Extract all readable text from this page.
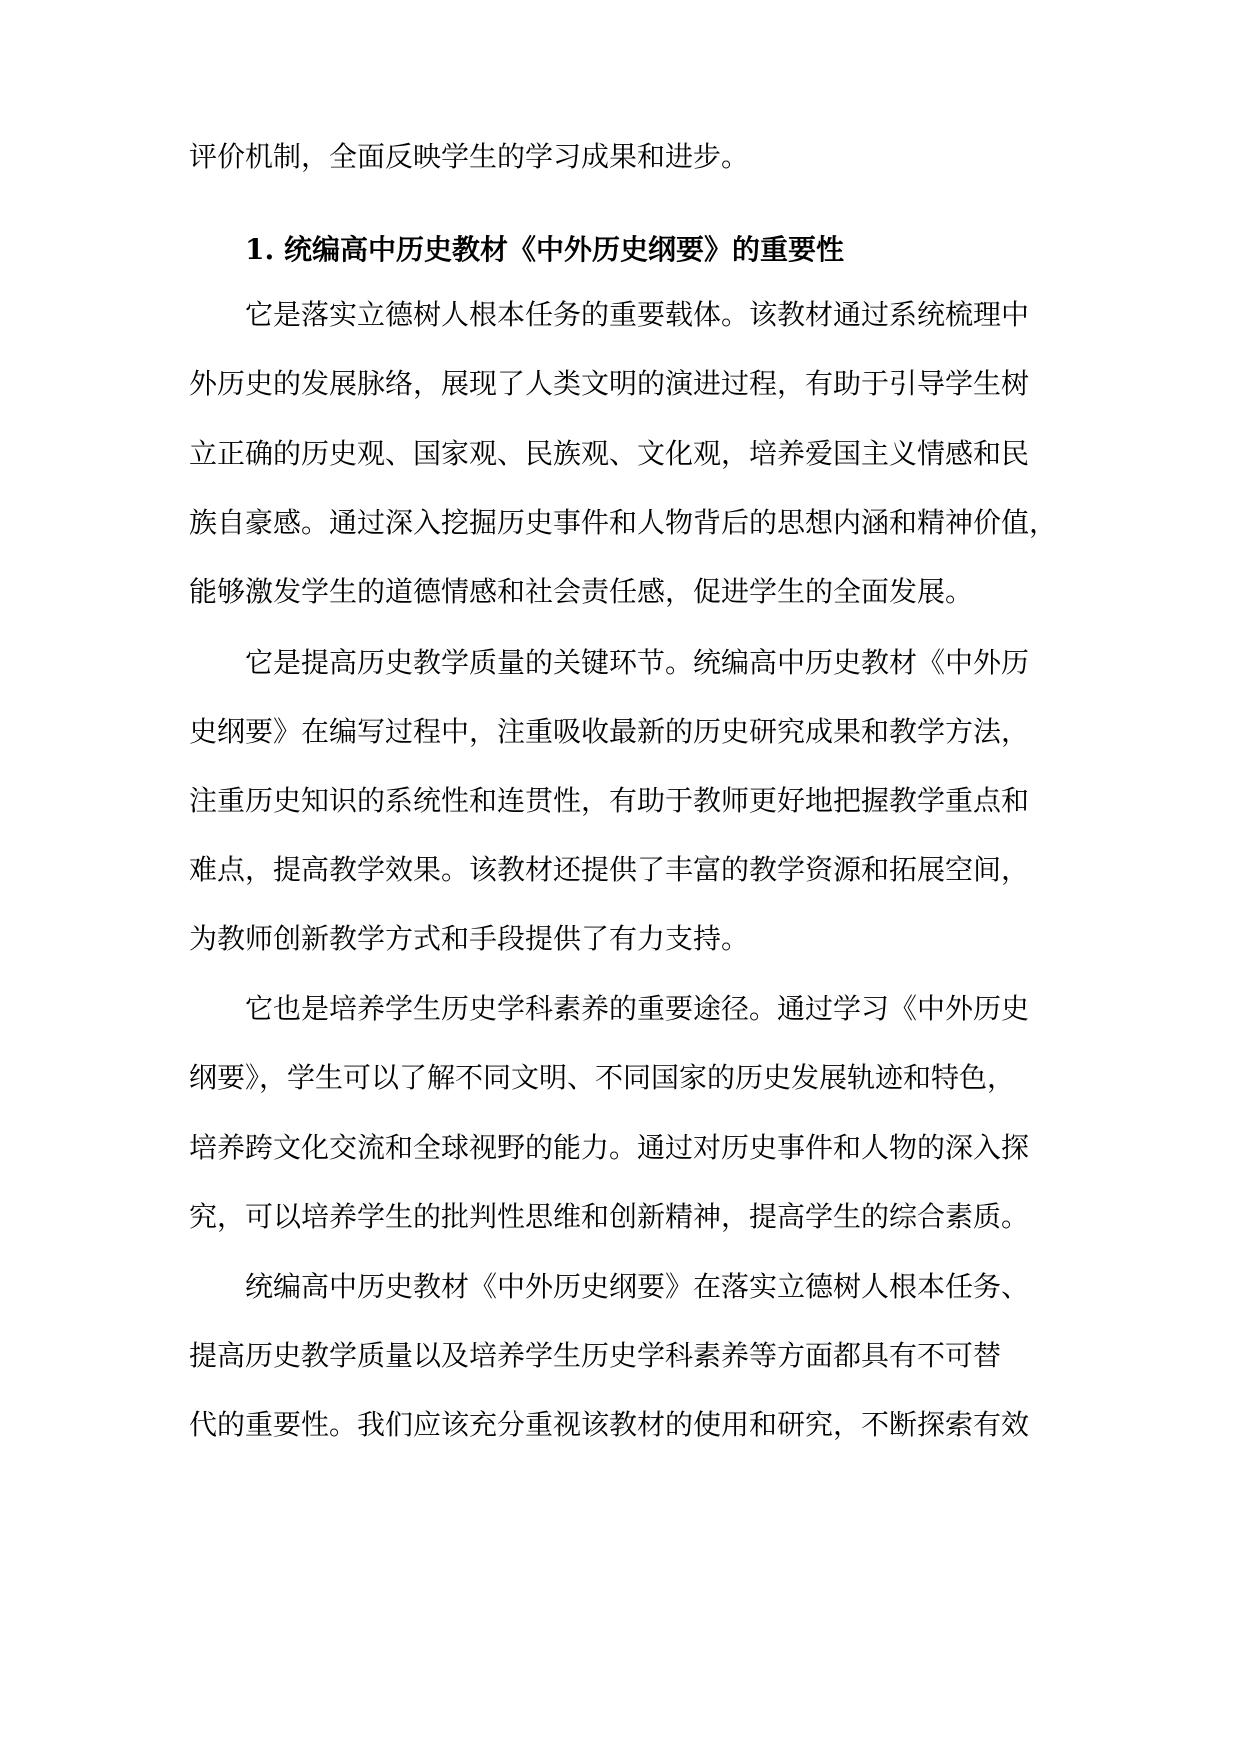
评价机制，全面反映学生的学习成果和进步。
1. 统编高中历史教材《中外历史纲要》的重要性
它是落实立德树人根本任务的重要载体。该教材通过系统梳理中
外历史的发展脉络，展现了人类文明的演进过程，有助于引导学生树
立正确的历史观、国家观、民族观、文化观，培养爱国主义情感和民
族自豪感。通过深入挖掘历史事件和人物背后的思想内涵和精神价值，
能够激发学生的道德情感和社会责任感，促进学生的全面发展。
它是提高历史教学质量的关键环节。统编高中历史教材《中外历
史纲要》在编写过程中，注重吸收最新的历史研究成果和教学方法，
注重历史知识的系统性和连贯性，有助于教师更好地把握教学重点和
难点，提高教学效果。该教材还提供了丰富的教学资源和拓展空间，
为教师创新教学方式和手段提供了有力支持。
它也是培养学生历史学科素养的重要途径。通过学习《中外历史
纲要》，学生可以了解不同文明、不同国家的历史发展轨迹和特色，
培养跨文化交流和全球视野的能力。通过对历史事件和人物的深入探
究，可以培养学生的批判性思维和创新精神，提高学生的综合素质。
统编高中历史教材《中外历史纲要》在落实立德树人根本任务、
提高历史教学质量以及培养学生历史学科素养等方面都具有不可替
代的重要性。我们应该充分重视该教材的使用和研究，不断探索有效
